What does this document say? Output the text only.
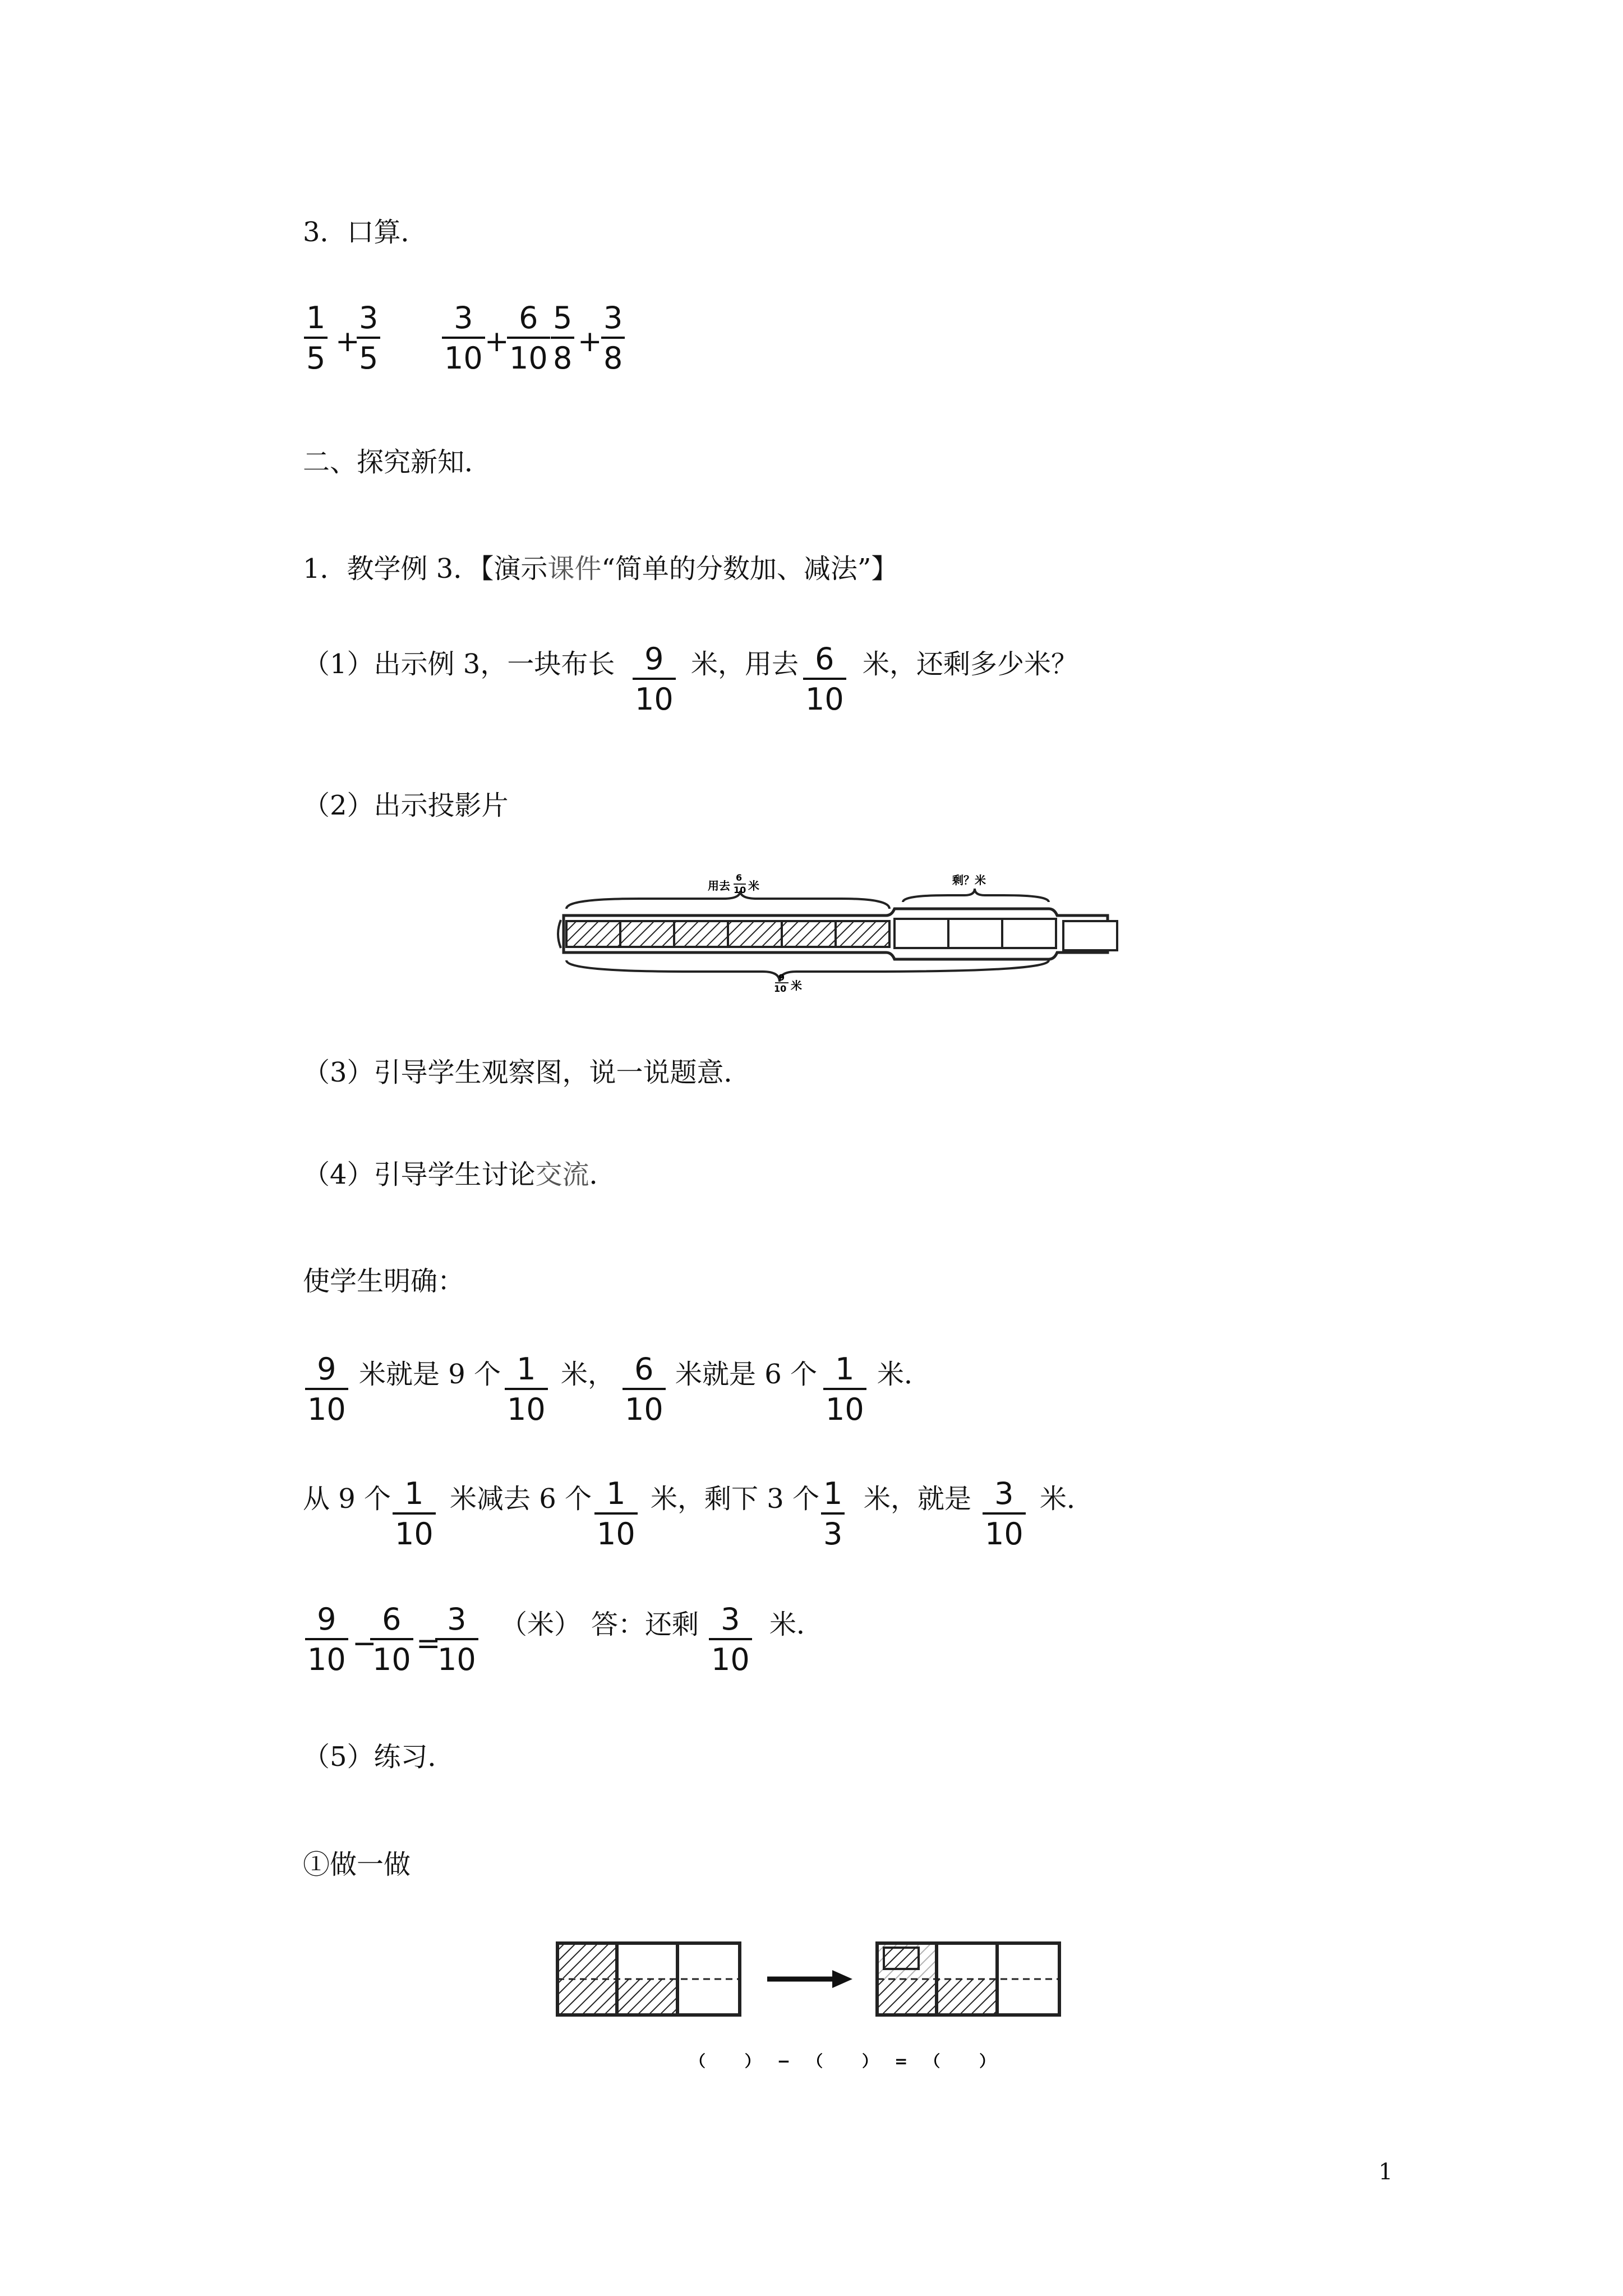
3．口算．
1
5 +
3
5
3
10 +
6
10
5
8 +
3
8
二、探究新知．
1．教学例 3．【演示课件“简单的分数加、减法”】
（1）出示例 3，一块布长 9
10
米，用去 6
10
米，还剩多少米？
（2）出示投影片
用去
6
10 米	剩？米
9
10 米
（3）引导学生观察图，说一说题意．
（4）引导学生讨论交流．
使学生明确：
9
10
米就是 9 个 1
10
米， 6
10
米就是 6 个 1
10
米．
从 9 个 1
10
米减去 6 个 1
10
米，剩下 3 个 1
3
米，就是 3
10
米．
9
10 −
6
10 =
3
10
（米） 答：还剩 3
10
米．
（5）练习．
①做一做
（ ）−（ ）=（ ）
1
